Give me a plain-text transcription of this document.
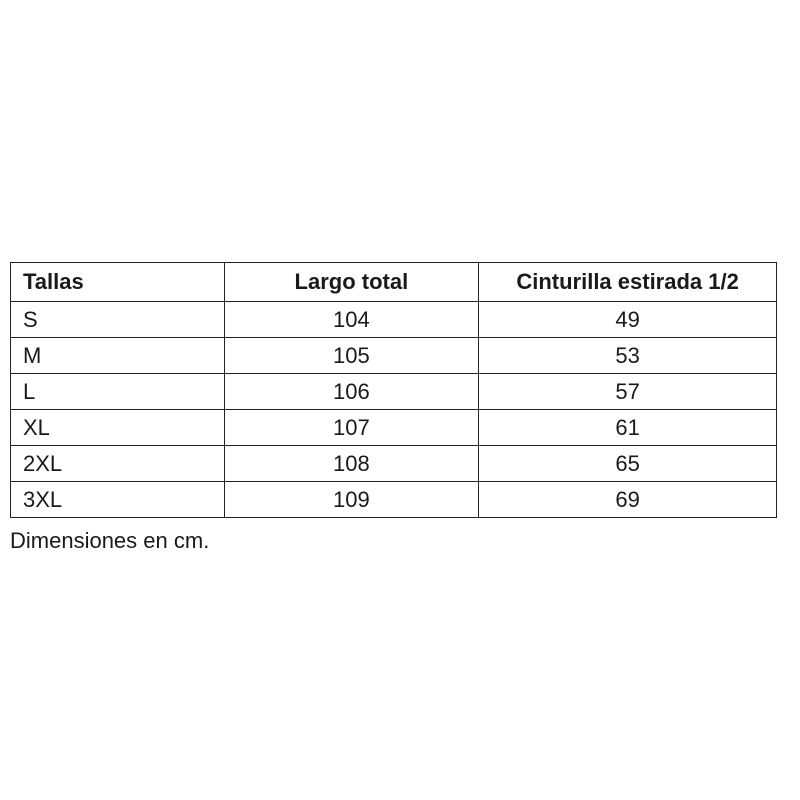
Tallas	Largo total	Cinturilla estirada 1/2
S	104	49
M	105	53
L	106	57
XL	107	61
2XL	108	65
3XL	109	69
Dimensiones en cm.
